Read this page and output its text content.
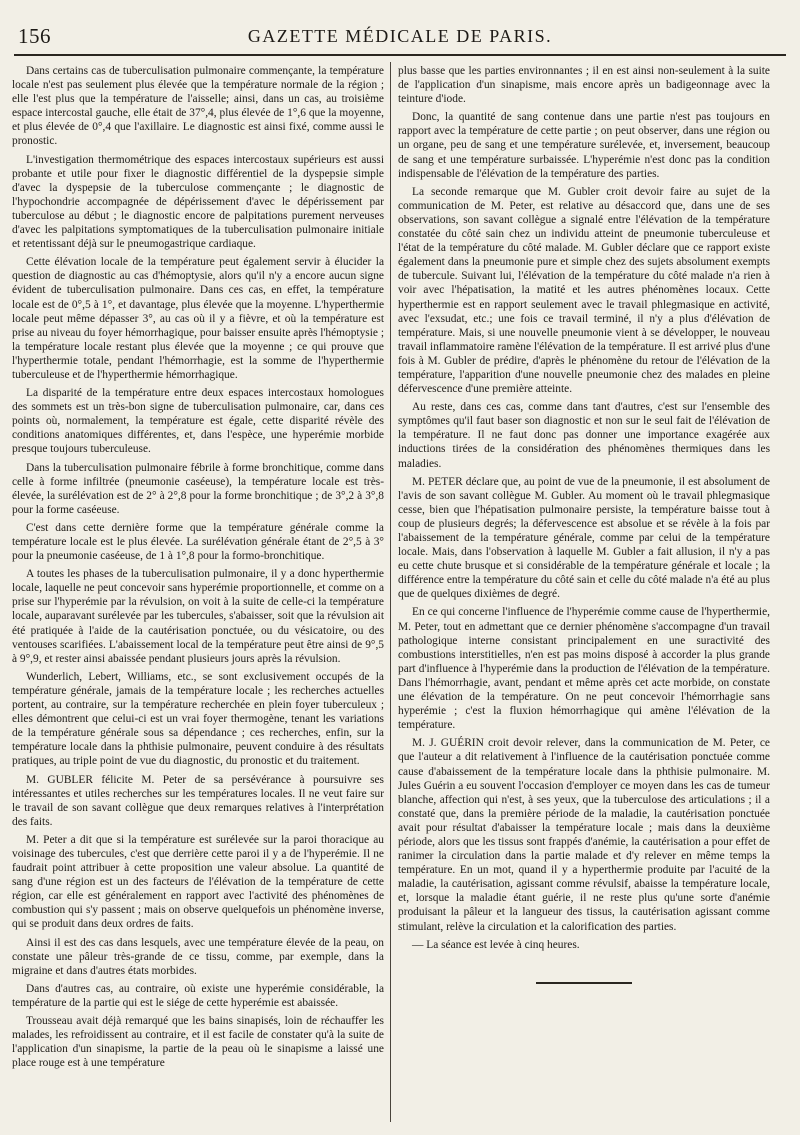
156	GAZETTE MÉDICALE DE PARIS.

Dans certains cas de tuberculisation pulmonaire commençante, la température locale n'est pas seulement plus élevée que la température normale de la région ; elle l'est plus que la température de l'aisselle; ainsi, dans un cas, au troisième espace intercostal gauche, elle était de 37°,4, plus élevée de 1°,6 que la moyenne, et plus élevée de 0°,4 que l'axillaire. Le diagnostic est ainsi fixé, comme aussi le pronostic.

L'investigation thermométrique des espaces intercostaux supérieurs est aussi probante et utile pour fixer le diagnostic différentiel de la dyspepsie simple d'avec la dyspepsie de la tuberculose commençante ; le diagnostic de l'hypochondrie accompagnée de dépérissement d'avec le dépérissement par tuberculose au début ; le diagnostic encore de palpitations purement nerveuses d'avec les palpitations symptomatiques de la tuberculisation pulmonaire initiale et retentissant déjà sur le pneumogastrique cardiaque.

Cette élévation locale de la température peut également servir à élucider la question de diagnostic au cas d'hémoptysie, alors qu'il n'y a encore aucun signe évident de tuberculisation pulmonaire. Dans ces cas, en effet, la température locale est de 0°,5 à 1°, et davantage, plus élevée que la moyenne. L'hyperthermie locale peut même dépasser 3°, au cas où il y a fièvre, et où la température est prise au niveau du foyer hémorrhagique, pour baisser ensuite après l'hémoptysie ; la température locale restant plus élevée que la moyenne ; ce qui prouve que l'hyperthermie totale, pendant l'hémorrhagie, est la somme de l'hyperthermie tuberculeuse et de l'hyperthermie hémorrhagique.

La disparité de la température entre deux espaces intercostaux homologues des sommets est un très-bon signe de tuberculisation pulmonaire, car, dans ces points où, normalement, la température est égale, cette disparité révèle des conditions anatomiques différentes, et, dans l'espèce, une hyperémie morbide presque toujours tuberculeuse.

Dans la tuberculisation pulmonaire fébrile à forme bronchitique, comme dans celle à forme infiltrée (pneumonie caséeuse), la température locale est très-élevée, la surélévation est de 2° à 2°,8 pour la forme bronchitique ; de 3°,2 à 3°,8 pour la forme caséeuse.

C'est dans cette dernière forme que la température générale comme la température locale est le plus élevée. La surélévation générale étant de 2°,5 à 3° pour la pneumonie caséeuse, de 1 à 1°,8 pour la formo-bronchitique.

A toutes les phases de la tuberculisation pulmonaire, il y a donc hyperthermie locale, laquelle ne peut concevoir sans hyperémie proportionnelle, et comme on a prise sur l'hyperémie par la révulsion, on voit à la suite de celle-ci la température locale, auparavant surélevée par les tubercules, s'abaisser, soit que la révulsion ait été pratiquée à l'aide de la cautérisation ponctuée, ou du vésicatoire, ou des ventouses scarifiées. L'abaissement local de la température peut être ainsi de 9°,5 à 9°,9, et rester ainsi abaissée pendant plusieurs jours après la révulsion.

Wunderlich, Lebert, Williams, etc., se sont exclusivement occupés de la température générale, jamais de la température locale ; les recherches actuelles portent, au contraire, sur la température recherchée en plein foyer tuberculeux ; elles démontrent que celui-ci est un vrai foyer thermogène, tenant les variations de la température générale sous sa dépendance ; ces recherches, enfin, sur la température locale dans la phthisie pulmonaire, peuvent conduire à des résultats pratiques, au triple point de vue du diagnostic, du pronostic et du traitement.

M. GUBLER félicite M. Peter de sa persévérance à poursuivre ses intéressantes et utiles recherches sur les températures locales. Il ne veut faire sur le travail de son savant collègue que deux remarques relatives à l'interprétation des faits.

M. Peter a dit que si la température est surélevée sur la paroi thoracique au voisinage des tubercules, c'est que derrière cette paroi il y a de l'hyperémie. Il ne faudrait point attribuer à cette proposition une valeur absolue. La quantité de sang d'une région est un des facteurs de l'élévation de la température de cette région, car elle est généralement en rapport avec l'activité des phénomènes de combustion qui s'y passent ; mais on observe quelquefois un phénomène inverse, qui se produit dans deux ordres de faits.

Ainsi il est des cas dans lesquels, avec une température élevée de la peau, on constate une pâleur très-grande de ce tissu, comme, par exemple, dans la migraine et dans d'autres états morbides.

Dans d'autres cas, au contraire, où existe une hyperémie considérable, la température de la partie qui est le siége de cette hyperémie est abaissée.

Trousseau avait déjà remarqué que les bains sinapisés, loin de réchauffer les malades, les refroidissent au contraire, et il est facile de constater qu'à la suite de l'application d'un sinapisme, la partie de la peau où le sinapisme a laissé une place rouge est à une température

plus basse que les parties environnantes ; il en est ainsi non-seulement à la suite de l'application d'un sinapisme, mais encore après un badigeonnage avec la teinture d'iode.

Donc, la quantité de sang contenue dans une partie n'est pas toujours en rapport avec la température de cette partie ; on peut observer, dans une région ou un organe, peu de sang et une température surélevée, et, inversement, beaucoup de sang et une température surbaissée. L'hyperémie n'est donc pas la condition indispensable de l'élévation de la température des parties.

La seconde remarque que M. Gubler croit devoir faire au sujet de la communication de M. Peter, est relative au désaccord que, dans une de ses observations, son savant collègue a signalé entre l'élévation de la température constatée du côté sain chez un individu atteint de pneumonie tuberculeuse et l'état de la température du côté malade. M. Gubler déclare que ce rapport existe également dans la pneumonie pure et simple chez des sujets absolument exempts de tubercule. Suivant lui, l'élévation de la température du côté malade n'a rien à voir avec l'hépatisation, la matité et les autres phénomènes locaux. Cette hyperthermie est en rapport seulement avec le travail phlegmasique en activité, avec l'exsudat, etc.; une fois ce travail terminé, il n'y a plus d'élévation de température. Mais, si une nouvelle pneumonie vient à se développer, le nouveau travail inflammatoire ramène l'élévation de la température. Il est arrivé plus d'une fois à M. Gubler de prédire, d'après le phénomène du retour de l'élévation de la température, l'apparition d'une nouvelle pneumonie chez des malades en pleine défervescence d'une première atteinte.

Au reste, dans ces cas, comme dans tant d'autres, c'est sur l'ensemble des symptômes qu'il faut baser son diagnostic et non sur le seul fait de l'élévation de la température. Il ne faut donc pas donner une importance exagérée aux inductions tirées de la considération des phénomènes thermiques dans les maladies.

M. PETER déclare que, au point de vue de la pneumonie, il est absolument de l'avis de son savant collègue M. Gubler. Au moment où le travail phlegmasique cesse, bien que l'hépatisation pulmonaire persiste, la température baisse tout à coup de plusieurs degrés; la défervescence est absolue et se révèle à la fois par l'abaissement de la température générale, comme par celui de la température locale. Mais, dans l'observation à laquelle M. Gubler a fait allusion, il n'y a pas eu cette chute brusque et si considérable de la température générale et locale ; la différence entre la température du côté sain et celle du côté malade n'a été au plus que de quelques dixièmes de degré.

En ce qui concerne l'influence de l'hyperémie comme cause de l'hyperthermie, M. Peter, tout en admettant que ce dernier phénomène s'accompagne d'un travail pathologique interne consistant principalement en une suractivité des combustions interstitielles, n'en est pas moins disposé à accorder la plus grande part d'influence à l'hyperémie dans la production de l'élévation de la température. Dans l'hémorrhagie, avant, pendant et même après cet acte morbide, on constate une élévation de la température. On ne peut concevoir l'hémorrhagie sans hyperémie ; c'est la fluxion hémorrhagique qui amène l'élévation de la température.

M. J. GUÉRIN croit devoir relever, dans la communication de M. Peter, ce que l'auteur a dit relativement à l'influence de la cautérisation ponctuée comme cause d'abaissement de la température locale dans la phthisie pulmonaire. M. Jules Guérin a eu souvent l'occasion d'employer ce moyen dans les cas de tumeur blanche, affection qui n'est, à ses yeux, que la tuberculose des articulations ; il a constaté que, dans la première période de la maladie, la cautérisation ponctuée avait pour résultat d'abaisser la température locale ; mais dans la deuxième période, alors que les tissus sont frappés d'anémie, la cautérisation a pour effet de ranimer la circulation dans la partie malade et d'y relever en même temps la température. En un mot, quand il y a hyperthermie produite par l'acuité de la maladie, la cautérisation, agissant comme révulsif, abaisse la température locale, et, lorsque la maladie étant guérie, il ne reste plus qu'une sorte d'anémie produisant la pâleur et la langueur des tissus, la cautérisation agissant comme stimulant, relève la circulation et la calorification des parties.

— La séance est levée à cinq heures.
